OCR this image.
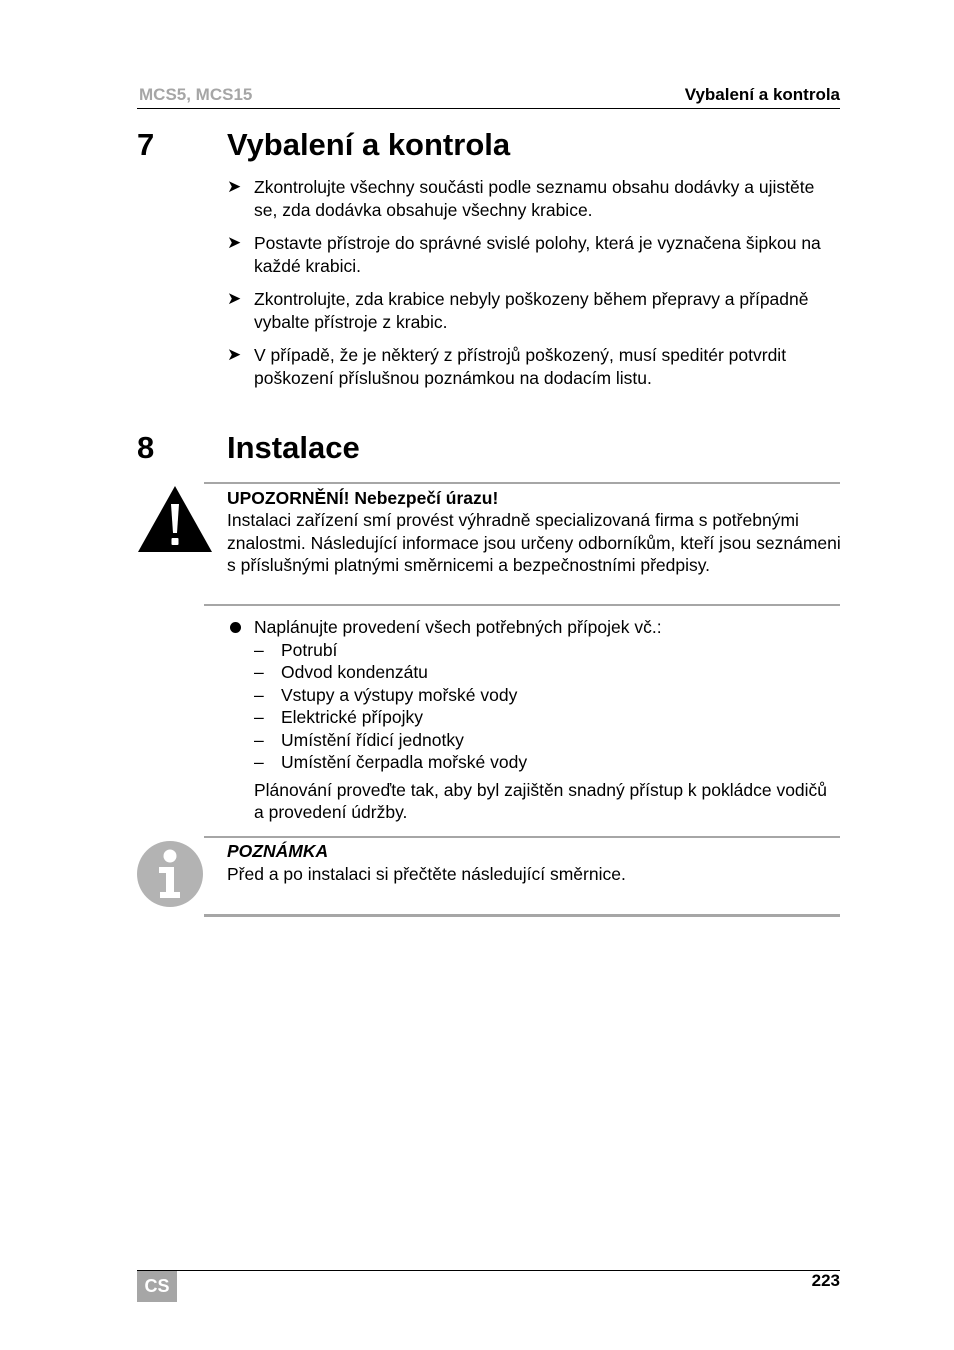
MCS5, MCS15	Vybalení a kontrola
7 Vybalení a kontrola
➤ Zkontrolujte všechny součásti podle seznamu obsahu dodávky a ujistěte se, zda dodávka obsahuje všechny krabice.
➤ Postavte přístroje do správné svislé polohy, která je vyznačena šipkou na každé krabici.
➤ Zkontrolujte, zda krabice nebyly poškozeny během přepravy a případně vybalte přístroje z krabic.
➤ V případě, že je některý z přístrojů poškozený, musí speditér potvrdit poškození příslušnou poznámkou na dodacím listu.
8 Instalace
UPOZORNĚNÍ! Nebezpečí úrazu!
Instalaci zařízení smí provést výhradně specializovaná firma s potřebnými znalostmi. Následující informace jsou určeny odborníkům, kteří jsou seznámeni s příslušnými platnými směrnicemi a bezpečnostními předpisy.
Naplánujte provedení všech potřebných přípojek vč.:
– Potrubí
– Odvod kondenzátu
– Vstupy a výstupy mořské vody
– Elektrické přípojky
– Umístění řídicí jednotky
– Umístění čerpadla mořské vody
Plánování proveďte tak, aby byl zajištěn snadný přístup k pokládce vodičů a provedení údržby.
POZNÁMKA
Před a po instalaci si přečtěte následující směrnice.
CS	223
